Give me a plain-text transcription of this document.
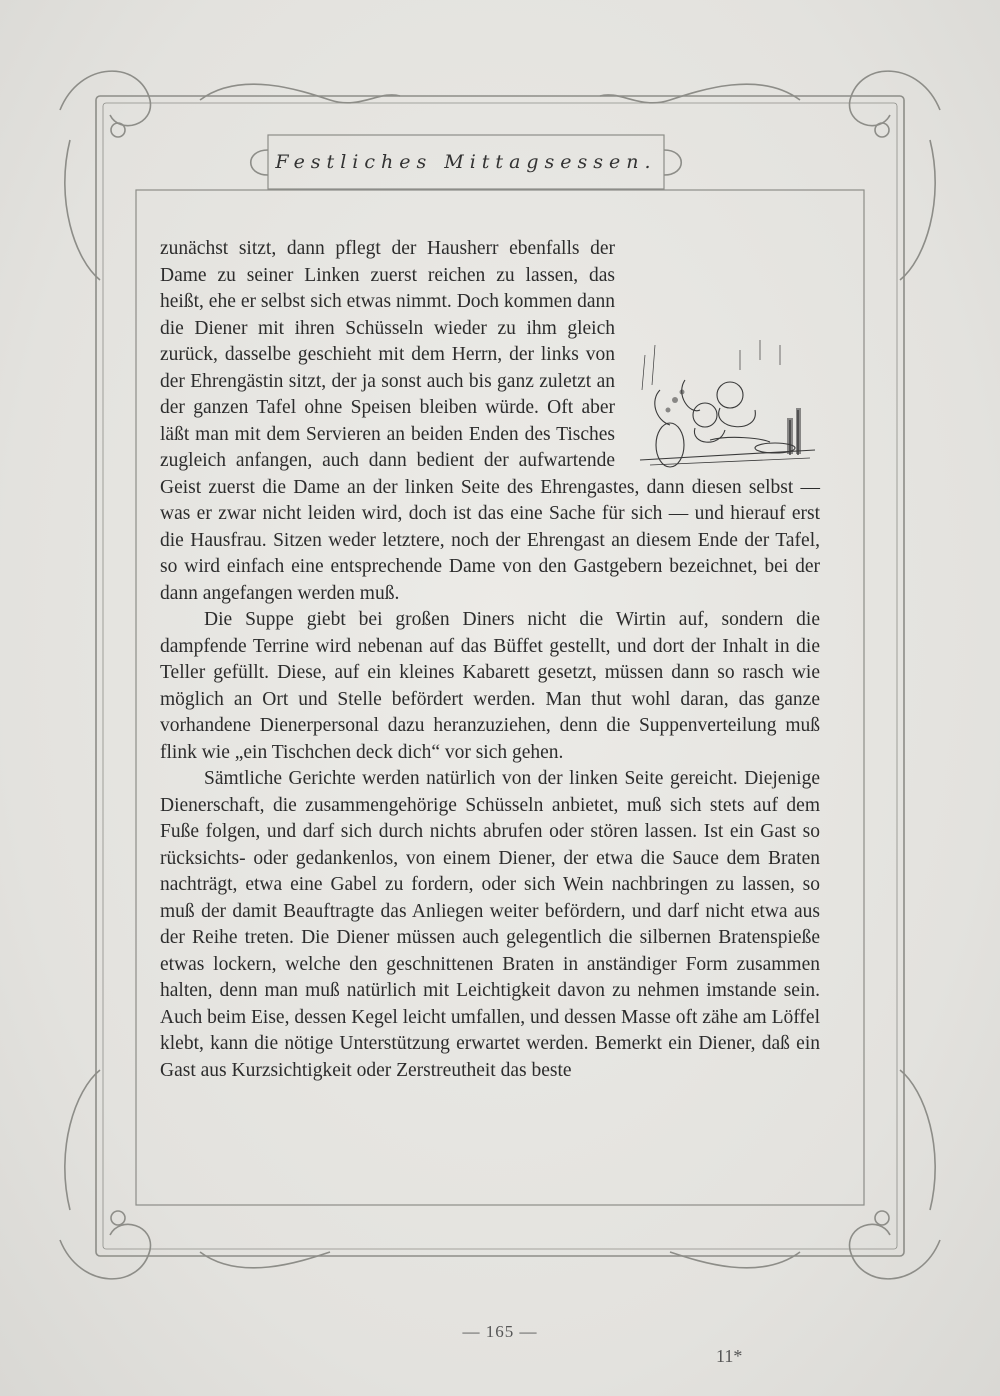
Festliches Mittagsessen.

zunächst sitzt, dann pflegt der Hausherr ebenfalls der Dame zu seiner Linken zuerst reichen zu lassen, das heißt, ehe er selbst sich etwas nimmt. Doch kommen dann die Diener mit ihren Schüsseln wieder zu ihm gleich zurück, dasselbe geschieht mit dem Herrn, der links von der Ehrengästin sitzt, der ja sonst auch bis ganz zuletzt an der ganzen Tafel ohne Speisen bleiben würde. Oft aber läßt man mit dem Servieren an beiden Enden des Tisches zugleich anfangen, auch dann bedient der aufwartende Geist zuerst die Dame an der linken Seite des Ehrengastes, dann diesen selbst — was er zwar nicht leiden wird, doch ist das eine Sache für sich — und hierauf erst die Hausfrau. Sitzen weder letztere, noch der Ehrengast an diesem Ende der Tafel, so wird einfach eine entsprechende Dame von den Gastgebern bezeichnet, bei der dann angefangen werden muß.

Die Suppe giebt bei großen Diners nicht die Wirtin auf, sondern die dampfende Terrine wird nebenan auf das Büffet gestellt, und dort der Inhalt in die Teller gefüllt. Diese, auf ein kleines Kabarett gesetzt, müssen dann so rasch wie möglich an Ort und Stelle befördert werden. Man thut wohl daran, das ganze vorhandene Dienerpersonal dazu heranzuziehen, denn die Suppenverteilung muß flink wie „ein Tischchen deck dich“ vor sich gehen.

Sämtliche Gerichte werden natürlich von der linken Seite gereicht. Diejenige Dienerschaft, die zusammengehörige Schüsseln anbietet, muß sich stets auf dem Fuße folgen, und darf sich durch nichts abrufen oder stören lassen. Ist ein Gast so rücksichts- oder gedankenlos, von einem Diener, der etwa die Sauce dem Braten nachträgt, etwa eine Gabel zu fordern, oder sich Wein nachbringen zu lassen, so muß der damit Beauftragte das Anliegen weiter befördern, und darf nicht etwa aus der Reihe treten. Die Diener müssen auch gelegentlich die silbernen Bratenspieße etwas lockern, welche den geschnittenen Braten in anständiger Form zusammen halten, denn man muß natürlich mit Leichtigkeit davon zu nehmen imstande sein. Auch beim Eise, dessen Kegel leicht umfallen, und dessen Masse oft zähe am Löffel klebt, kann die nötige Unterstützung erwartet werden. Bemerkt ein Diener, daß ein Gast aus Kurzsichtigkeit oder Zerstreutheit das beste

— 165 —
11*
